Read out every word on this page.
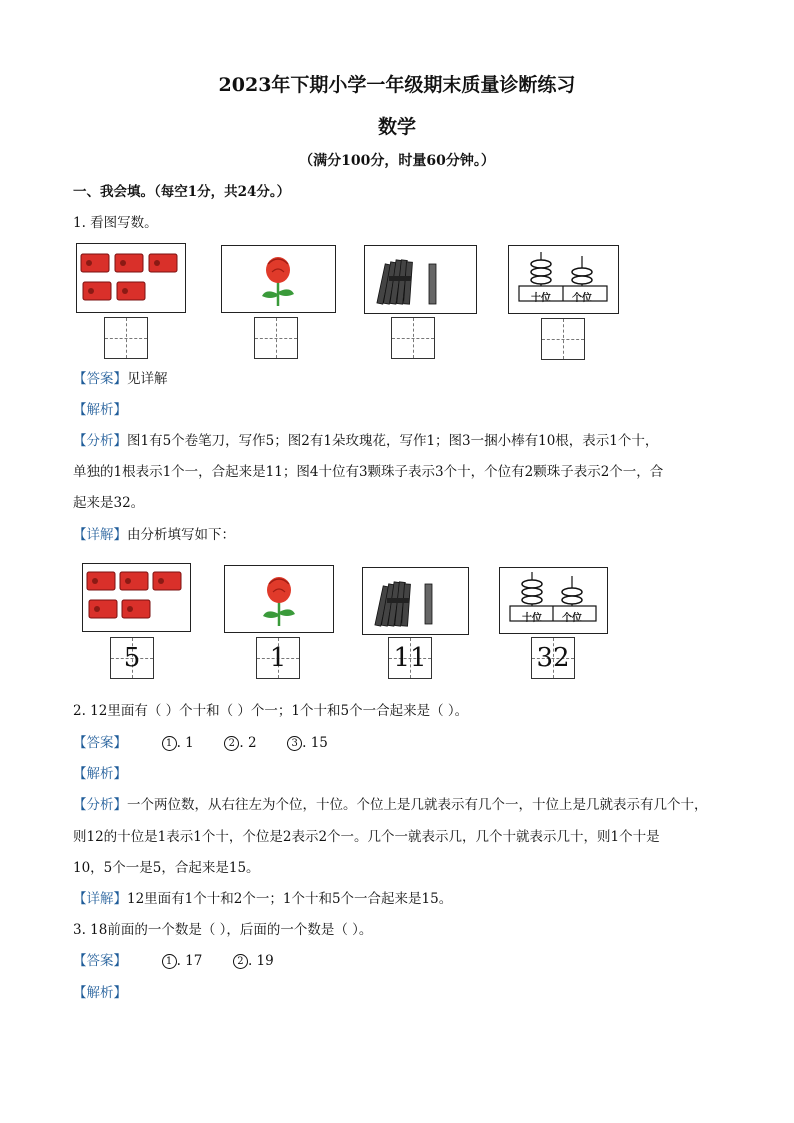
2023年下期小学一年级期末质量诊断练习
数学
（满分100分，时量60分钟。）
一、我会填。（每空1分，共24分。）
1. 看图写数。
十位 个位
【答案】见详解
【解析】
【分析】图1有5个卷笔刀，写作5；图2有1朵玫瑰花，写作1；图3一捆小棒有10根，表示1个十，
单独的1根表示1个一，合起来是11；图4十位有3颗珠子表示3个十，个位有2颗珠子表示2个一，合
起来是32。
【详解】由分析填写如下：
十位 个位
5	1	11	32
2. 12里面有（ ）个十和（ ）个一；1个十和5个一合起来是（ ）。
【答案】	1 . 1	2 . 2	3 . 15
【解析】
【分析】一个两位数，从右往左为个位，十位。个位上是几就表示有几个一，十位上是几就表示有几个十，
则12的十位是1表示1个十，个位是2表示2个一。几个一就表示几，几个十就表示几十，则1个十是
10，5个一是5，合起来是15。
【详解】12里面有1个十和2个一；1个十和5个一合起来是15。
3. 18前面的一个数是（ ），后面的一个数是（ ）。
【答案】	1 . 17	2 . 19
【解析】
